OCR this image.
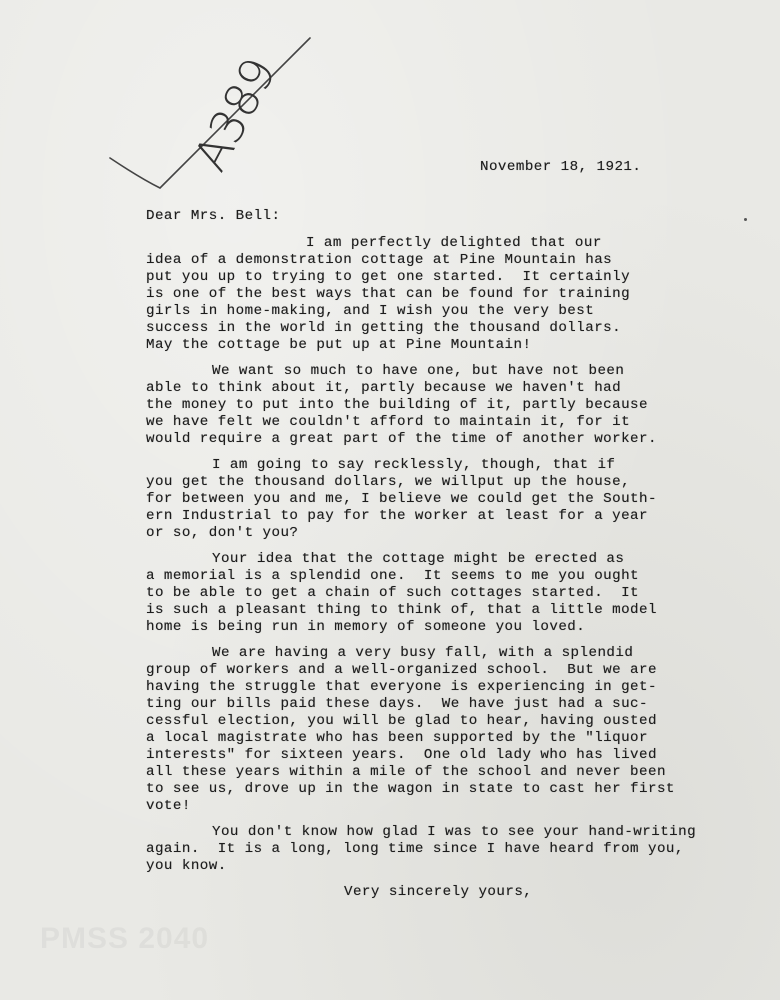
A389	November 18, 1921.
Dear Mrs. Bell:
I am perfectly delighted that our
idea of a demonstration cottage at Pine Mountain has
put you up to trying to get one started.  It certainly
is one of the best ways that can be found for training
girls in home-making, and I wish you the very best
success in the world in getting the thousand dollars.
May the cottage be put up at Pine Mountain!
We want so much to have one, but have not been
able to think about it, partly because we haven't had
the money to put into the building of it, partly because
we have felt we couldn't afford to maintain it, for it
would require a great part of the time of another worker.
I am going to say recklessly, though, that if
you get the thousand dollars, we willput up the house,
for between you and me, I believe we could get the South-
ern Industrial to pay for the worker at least for a year
or so, don't you?
Your idea that the cottage might be erected as
a memorial is a splendid one.  It seems to me you ought
to be able to get a chain of such cottages started.  It
is such a pleasant thing to think of, that a little model
home is being run in memory of someone you loved.
We are having a very busy fall, with a splendid
group of workers and a well-organized school.  But we are
having the struggle that everyone is experiencing in get-
ting our bills paid these days.  We have just had a suc-
cessful election, you will be glad to hear, having ousted
a local magistrate who has been supported by the "liquor
interests" for sixteen years.  One old lady who has lived
all these years within a mile of the school and never been
to see us, drove up in the wagon in state to cast her first
vote!
You don't know how glad I was to see your hand-writing
again.  It is a long, long time since I have heard from you,
you know.
Very sincerely yours,
